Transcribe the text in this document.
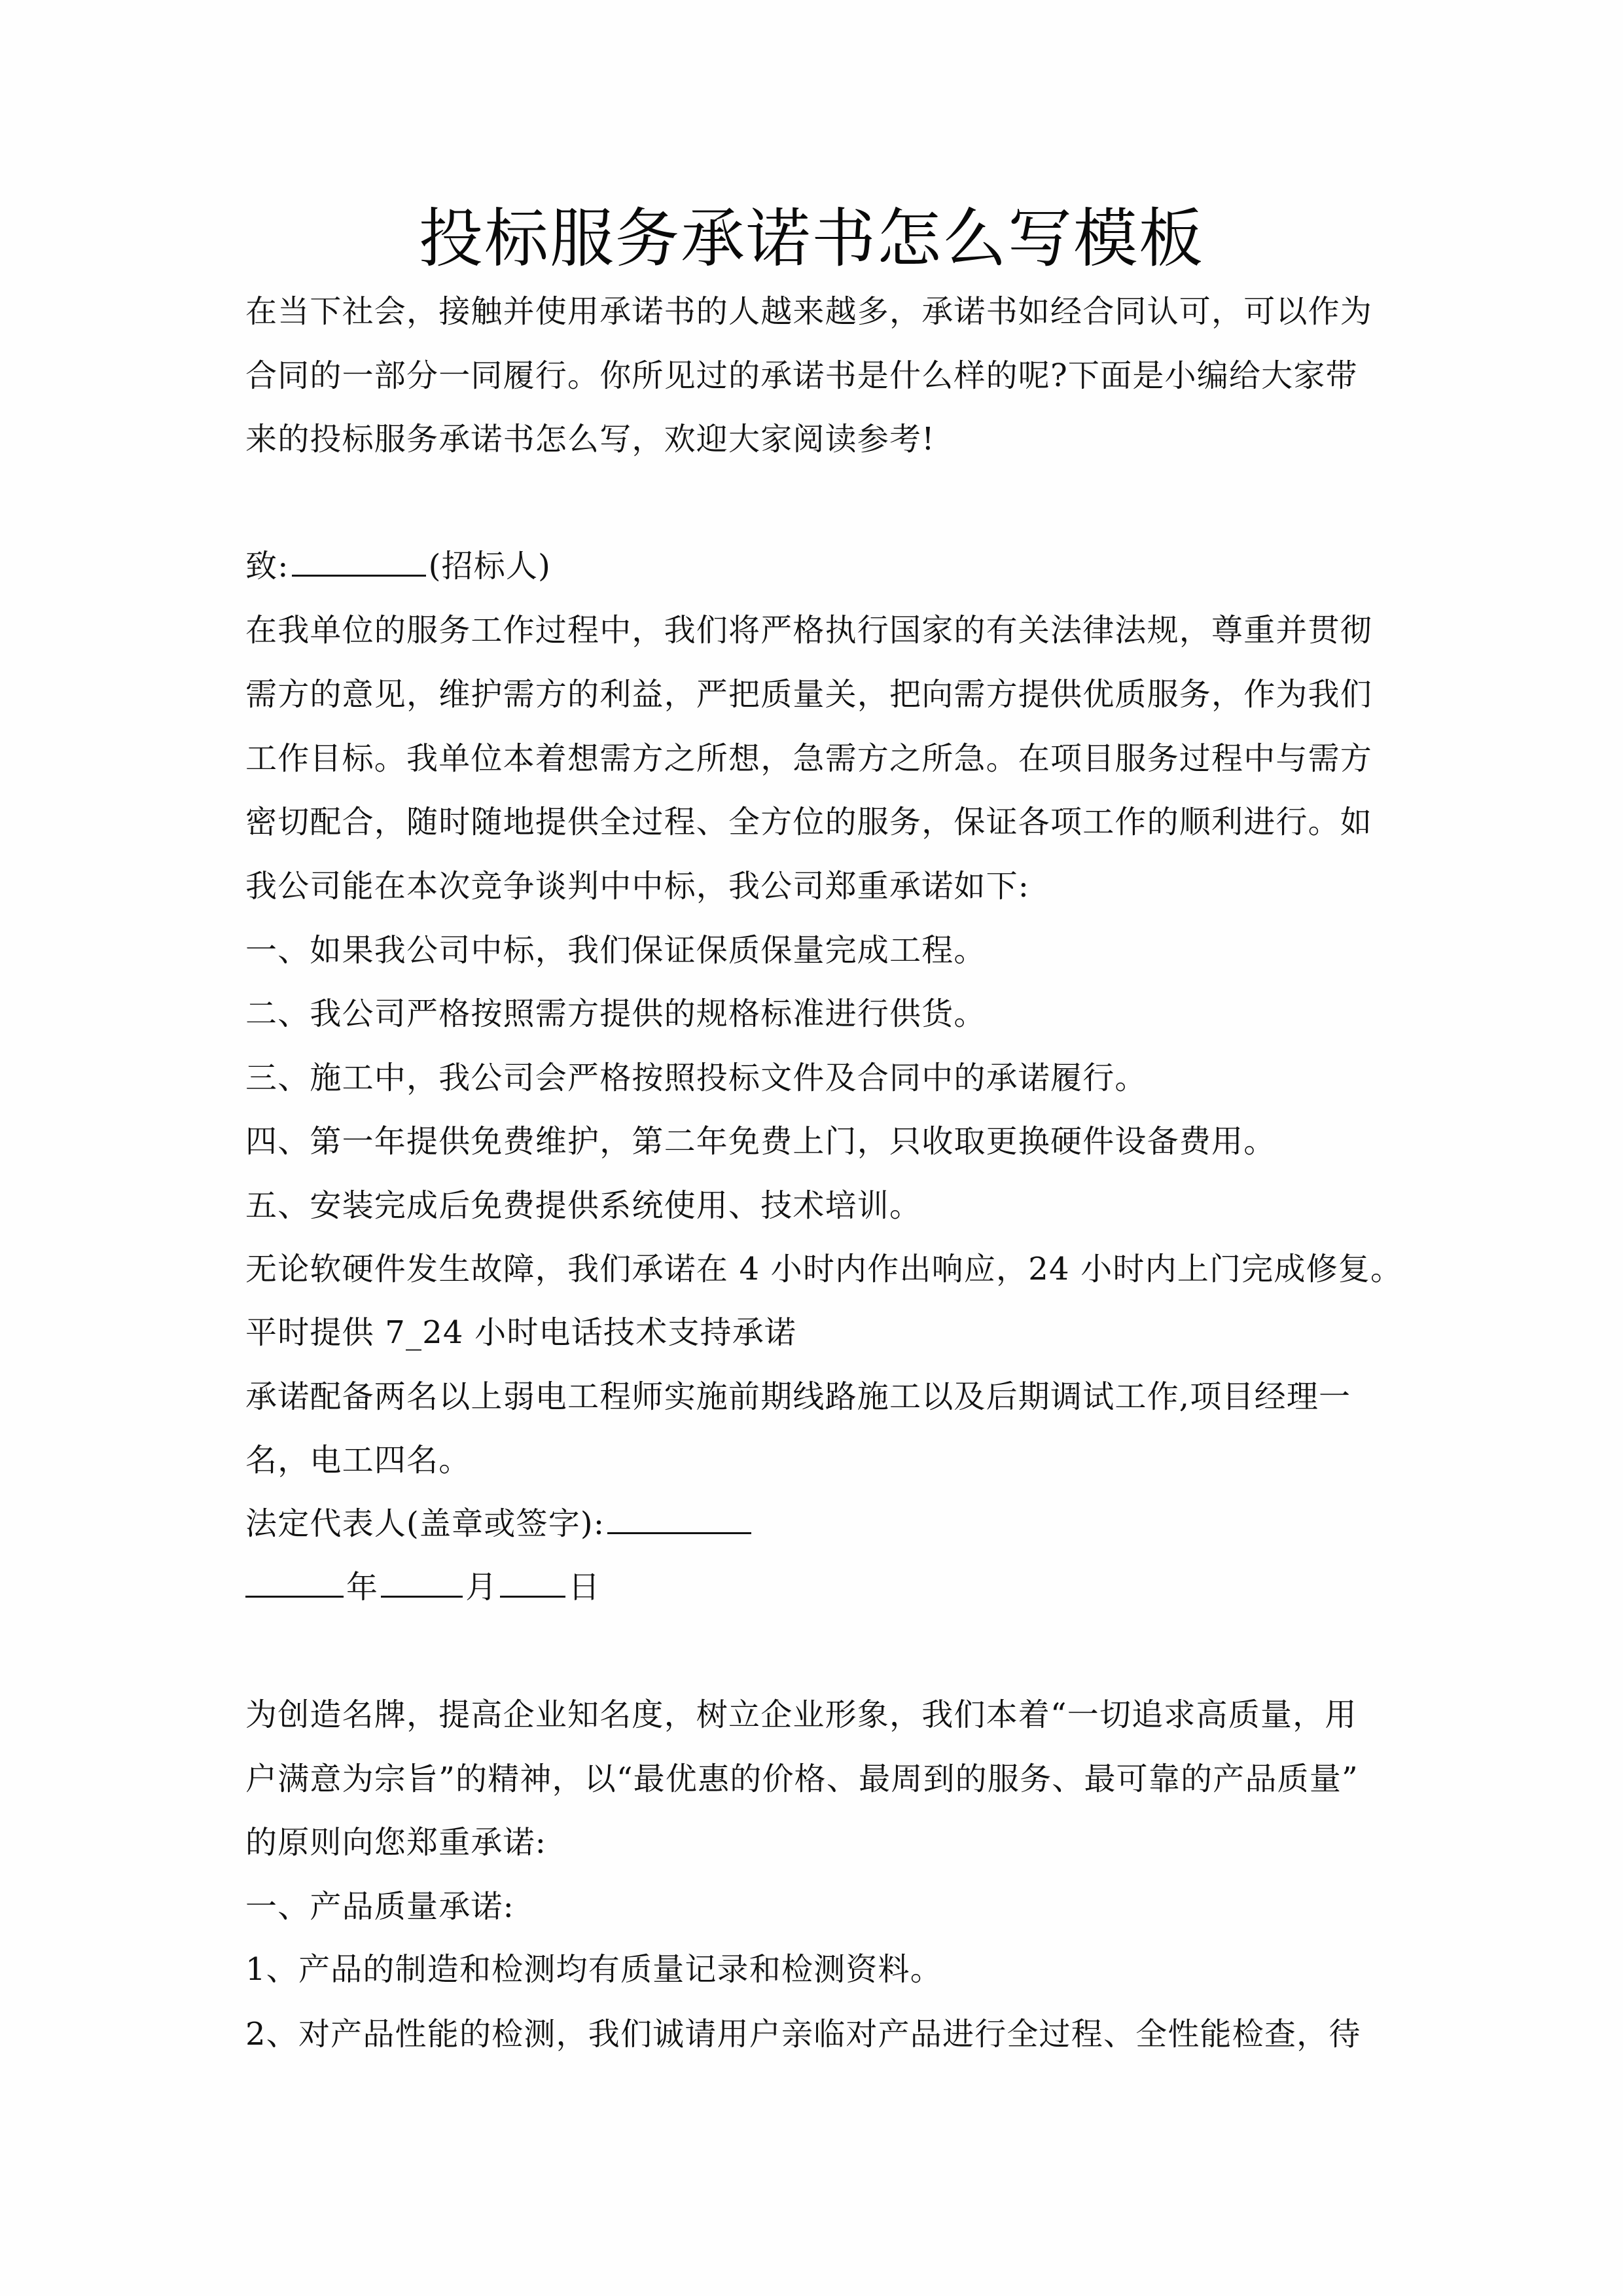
投标服务承诺书怎么写模板
在当下社会，接触并使用承诺书的人越来越多，承诺书如经合同认可，可以作为
合同的一部分一同履行。你所见过的承诺书是什么样的呢?下面是小编给大家带
来的投标服务承诺书怎么写，欢迎大家阅读参考!
致:	(招标人)
在我单位的服务工作过程中，我们将严格执行国家的有关法律法规，尊重并贯彻
需方的意见，维护需方的利益，严把质量关，把向需方提供优质服务，作为我们
工作目标。我单位本着想需方之所想，急需方之所急。在项目服务过程中与需方
密切配合，随时随地提供全过程、全方位的服务，保证各项工作的顺利进行。如
我公司能在本次竞争谈判中中标，我公司郑重承诺如下:
一、如果我公司中标，我们保证保质保量完成工程。
二、我公司严格按照需方提供的规格标准进行供货。
三、施工中，我公司会严格按照投标文件及合同中的承诺履行。
四、第一年提供免费维护，第二年免费上门，只收取更换硬件设备费用。
五、安装完成后免费提供系统使用、技术培训。
无论软硬件发生故障，我们承诺在 4 小时内作出响应，24 小时内上门完成修复。
平时提供 7_24 小时电话技术支持承诺
承诺配备两名以上弱电工程师实施前期线路施工以及后期调试工作,项目经理一
名，电工四名。
法定代表人(盖章或签字):
年	月 日
为创造名牌，提高企业知名度，树立企业形象，我们本着“一切追求高质量，用
户满意为宗旨”的精神，以“最优惠的价格、最周到的服务、最可靠的产品质量”
的原则向您郑重承诺:
一、产品质量承诺:
1、产品的制造和检测均有质量记录和检测资料。
2、对产品性能的检测，我们诚请用户亲临对产品进行全过程、全性能检查，待
